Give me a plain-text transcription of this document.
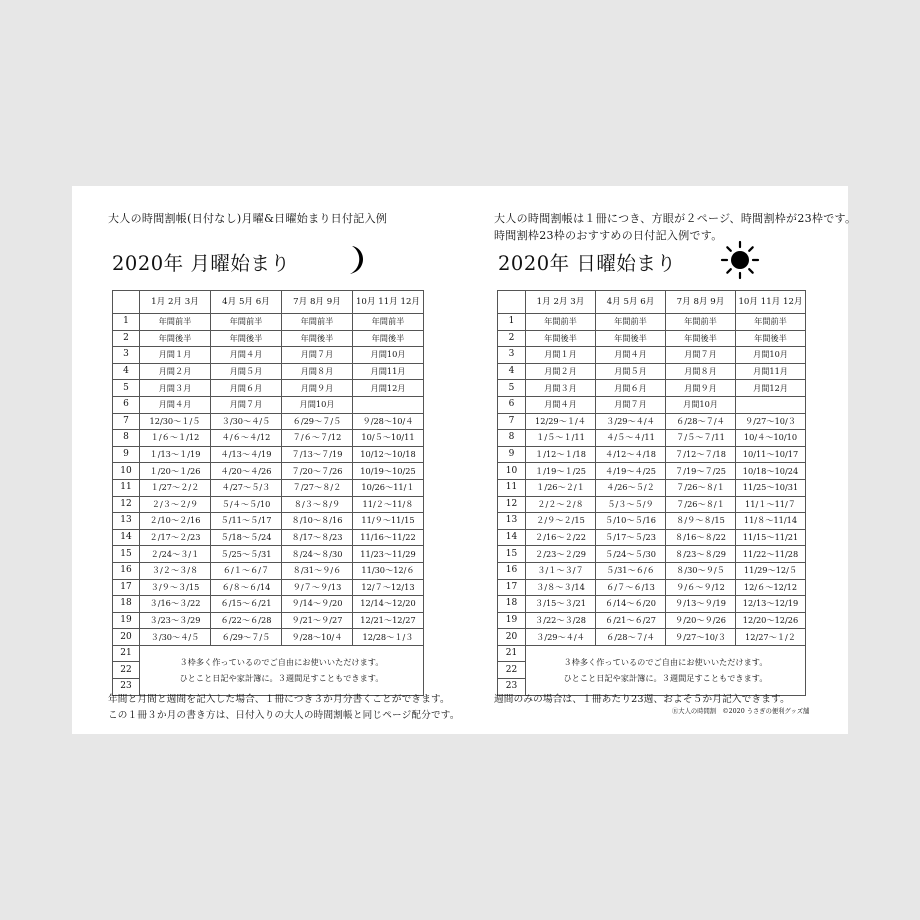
大人の時間割帳(日付なし)月曜&日曜始まり日付記入例
2020年 月曜始まり
	1月 2月 3月	4月 5月 6月	7月 8月 9月	10月 11月 12月
1	年間前半	年間前半	年間前半	年間前半
2	年間後半	年間後半	年間後半	年間後半
3	月間１月	月間４月	月間７月	月間10月
4	月間２月	月間５月	月間８月	月間11月
5	月間３月	月間６月	月間９月	月間12月
6	月間４月	月間７月	月間10月	
7	12/30～１/５	３/30～４/５	６/29～７/５	９/28～10/４
8	１/６～１/12	４/６～４/12	７/６～７/12	10/５～10/11
9	１/13～１/19	４/13～４/19	７/13～７/19	10/12～10/18
10	１/20～１/26	４/20～４/26	７/20～７/26	10/19～10/25
11	１/27～２/２	４/27～５/３	７/27～８/２	10/26～11/１
12	２/３～２/９	５/４～５/10	８/３～８/９	11/２～11/８
13	２/10～２/16	５/11～５/17	８/10～８/16	11/９～11/15
14	２/17～２/23	５/18～５/24	８/17～８/23	11/16～11/22
15	２/24～３/１	５/25～５/31	８/24～８/30	11/23～11/29
16	３/２～３/８	６/１～６/７	８/31～９/６	11/30～12/６
17	３/９～３/15	６/８～６/14	９/７～９/13	12/７～12/13
18	３/16～３/22	６/15～６/21	９/14～９/20	12/14～12/20
19	３/23～３/29	６/22～６/28	９/21～９/27	12/21～12/27
20	３/30～４/５	６/29～７/５	９/28～10/４	12/28～１/３
21	３枠多く作っているのでご自由にお使いいただけます。
ひとこと日記や家計簿に。３週間足すこともできます。			

22				
23				
年間と月間と週間を記入した場合、１冊につき３か月分書くことができます。
この１冊３か月の書き方は、日付入りの大人の時間割帳と同じページ配分です。
大人の時間割帳は１冊につき、方眼が２ページ、時間割枠が23枠です。
時間割枠23枠のおすすめの日付記入例です。
2020年 日曜始まり
	1月 2月 3月	4月 5月 6月	7月 8月 9月	10月 11月 12月
1	年間前半	年間前半	年間前半	年間前半
2	年間後半	年間後半	年間後半	年間後半
3	月間１月	月間４月	月間７月	月間10月
4	月間２月	月間５月	月間８月	月間11月
5	月間３月	月間６月	月間９月	月間12月
6	月間４月	月間７月	月間10月	
7	12/29～１/４	３/29～４/４	６/28～７/４	９/27～10/３
8	１/５～１/11	４/５～４/11	７/５～７/11	10/４～10/10
9	１/12～１/18	４/12～４/18	７/12～７/18	10/11～10/17
10	１/19～１/25	４/19～４/25	７/19～７/25	10/18～10/24
11	１/26～２/１	４/26～５/２	７/26～８/１	11/25～10/31
12	２/２～２/８	５/３～５/９	７/26～８/１	11/１～11/７
13	２/９～２/15	５/10～５/16	８/９～８/15	11/８～11/14
14	２/16～２/22	５/17～５/23	８/16～８/22	11/15～11/21
15	２/23～２/29	５/24～５/30	８/23～８/29	11/22～11/28
16	３/１～３/７	５/31～６/６	８/30～９/５	11/29～12/５
17	３/８～３/14	６/７～６/13	９/６～９/12	12/６～12/12
18	３/15～３/21	６/14～６/20	９/13～９/19	12/13～12/19
19	３/22～３/28	６/21～６/27	９/20～９/26	12/20～12/26
20	３/29～４/４	６/28～７/４	９/27～10/３	12/27～１/２
21	３枠多く作っているのでご自由にお使いいただけます。
ひとこと日記や家計簿に。３週間足すこともできます。			

22				
23				
週間のみの場合は、１冊あたり23週、およそ５か月記入できます。
Ⓡ大人の時間割　©2020 うさぎの便利グッズ舗
